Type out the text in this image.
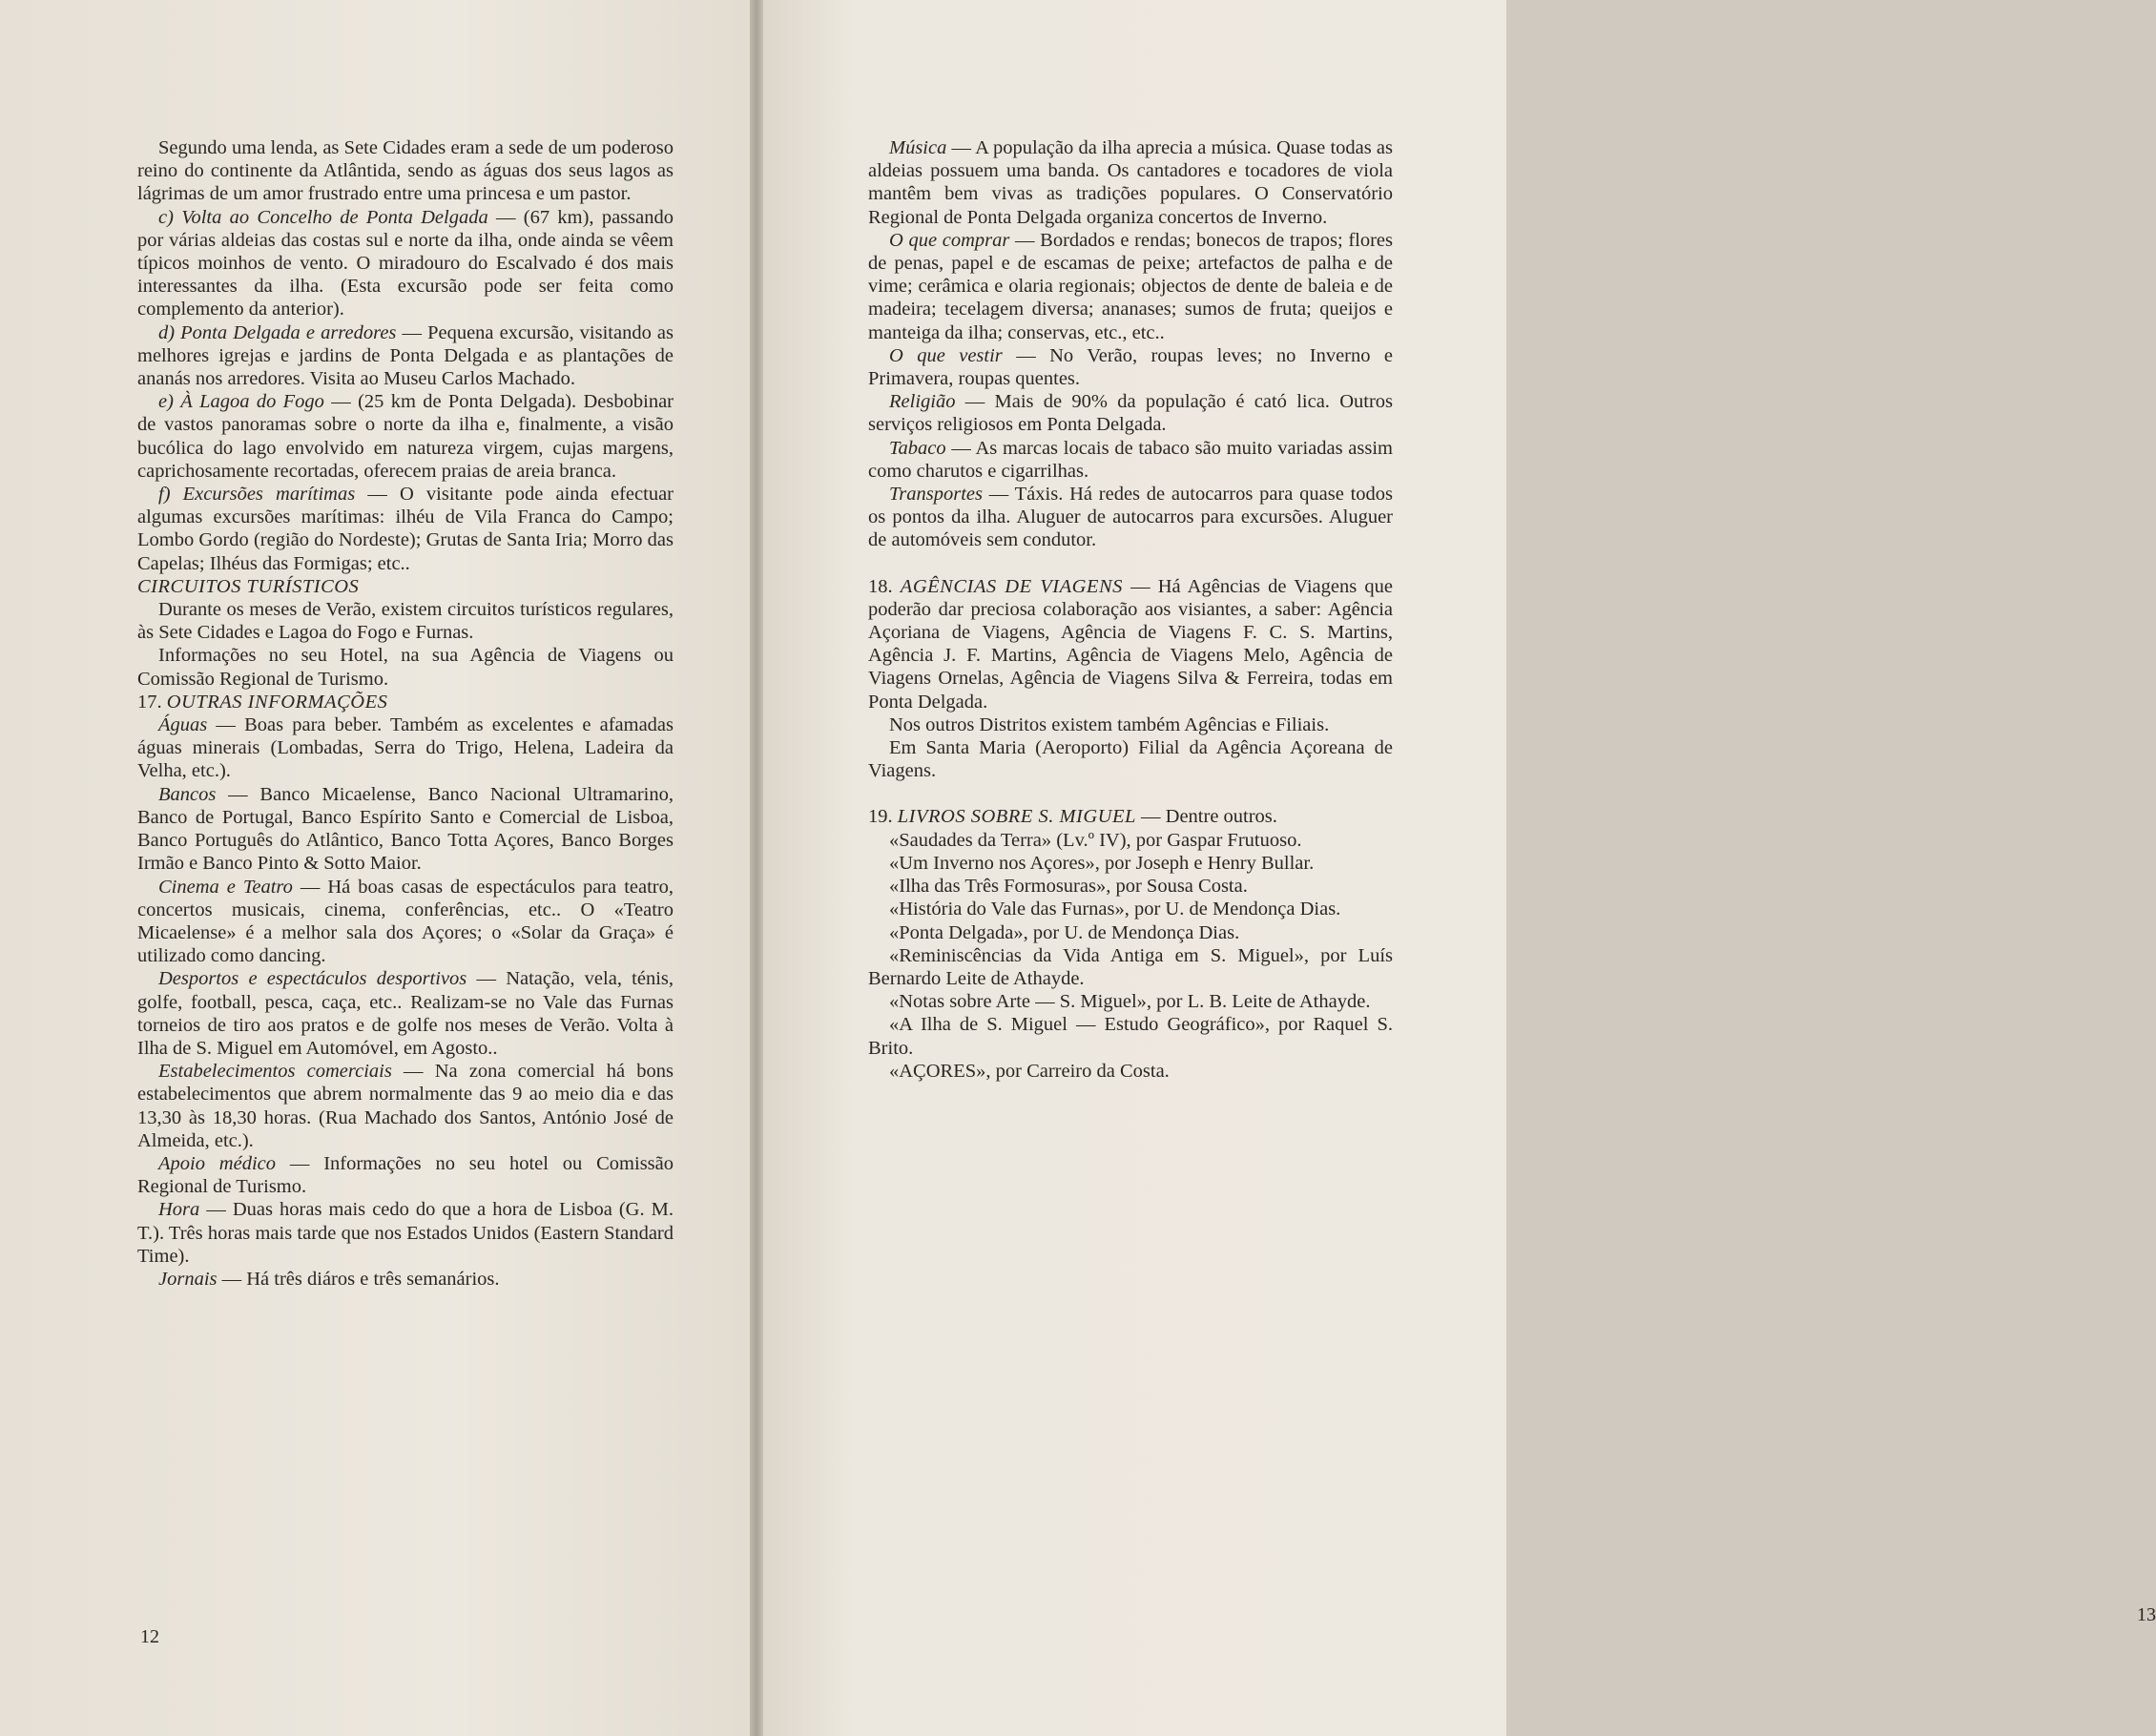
Segundo uma lenda, as Sete Cidades eram a sede de um poderoso reino do continente da Atlântida, sendo as águas dos seus lagos as lágrimas de um amor frustrado entre uma princesa e um pastor.

c) Volta ao Concelho de Ponta Delgada — (67 km), passando por várias aldeias das costas sul e norte da ilha, onde ainda se vêem típicos moinhos de vento. O miradouro do Escalvado é dos mais interessantes da ilha. (Esta excursão pode ser feita como complemento da anterior).

d) Ponta Delgada e arredores — Pequena excursão, visitando as melhores igrejas e jardins de Ponta Delgada e as plantações de ananás nos arredores. Visita ao Museu Carlos Machado.

e) À Lagoa do Fogo — (25 km de Ponta Delgada). Desbobinar de vastos panoramas sobre o norte da ilha e, finalmente, a visão bucólica do lago envolvido em natureza virgem, cujas margens, caprichosamente recortadas, oferecem praias de areia branca.

f) Excursões marítimas — O visitante pode ainda efectuar algumas excursões marítimas: ilhéu de Vila Franca do Campo; Lombo Gordo (região do Nordeste); Grutas de Santa Iria; Morro das Capelas; Ilhéus das Formigas; etc..

CIRCUITOS TURÍSTICOS

Durante os meses de Verão, existem circuitos turísticos regulares, às Sete Cidades e Lagoa do Fogo e Furnas.

Informações no seu Hotel, na sua Agência de Viagens ou Comissão Regional de Turismo.

17. OUTRAS INFORMAÇÕES

Águas — Boas para beber. Também as excelentes e afamadas águas minerais (Lombadas, Serra do Trigo, Helena, Ladeira da Velha, etc.).

Bancos — Banco Micaelense, Banco Nacional Ultramarino, Banco de Portugal, Banco Espírito Santo e Comercial de Lisboa, Banco Português do Atlântico, Banco Totta Açores, Banco Borges Irmão e Banco Pinto & Sotto Maior.

Cinema e Teatro — Há boas casas de espectáculos para teatro, concertos musicais, cinema, conferências, etc.. O «Teatro Micaelense» é a melhor sala dos Açores; o «Solar da Graça» é utilizado como dancing.

Desportos e espectáculos desportivos — Natação, vela, ténis, golfe, football, pesca, caça, etc.. Realizam-se no Vale das Furnas torneios de tiro aos pratos e de golfe nos meses de Verão. Volta à Ilha de S. Miguel em Automóvel, em Agosto..

Estabelecimentos comerciais — Na zona comercial há bons estabelecimentos que abrem normalmente das 9 ao meio dia e das 13,30 às 18,30 horas. (Rua Machado dos Santos, António José de Almeida, etc.).

Apoio médico — Informações no seu hotel ou Comissão Regional de Turismo.

Hora — Duas horas mais cedo do que a hora de Lisboa (G. M. T.). Três horas mais tarde que nos Estados Unidos (Eastern Standard Time).

Jornais — Há três diáros e três semanários.

12
13

Música — A população da ilha aprecia a música. Quase todas as aldeias possuem uma banda. Os cantadores e tocadores de viola mantêm bem vivas as tradições populares. O Conservatório Regional de Ponta Delgada organiza concertos de Inverno.

O que comprar — Bordados e rendas; bonecos de trapos; flores de penas, papel e de escamas de peixe; artefactos de palha e de vime; cerâmica e olaria regionais; objectos de dente de baleia e de madeira; tecelagem diversa; ananases; sumos de fruta; queijos e manteiga da ilha; conservas, etc., etc..

O que vestir — No Verão, roupas leves; no Inverno e Primavera, roupas quentes.

Religião — Mais de 90% da população é cató lica. Outros serviços religiosos em Ponta Delgada.

Tabaco — As marcas locais de tabaco são muito variadas assim como charutos e cigarrilhas.

Transportes — Táxis. Há redes de autocarros para quase todos os pontos da ilha. Aluguer de autocarros para excursões. Aluguer de automóveis sem condutor.

18. AGÊNCIAS DE VIAGENS — Há Agências de Viagens que poderão dar preciosa colaboração aos visiantes, a saber: Agência Açoriana de Viagens, Agência de Viagens F. C. S. Martins, Agência J. F. Martins, Agência de Viagens Melo, Agência de Viagens Ornelas, Agência de Viagens Silva & Ferreira, todas em Ponta Delgada.

Nos outros Distritos existem também Agências e Filiais.

Em Santa Maria (Aeroporto) Filial da Agência Açoreana de Viagens.

19. LIVROS SOBRE S. MIGUEL — Dentre outros.

«Saudades da Terra» (Lv.º IV), por Gaspar Frutuoso.

«Um Inverno nos Açores», por Joseph e Henry Bullar.

«Ilha das Três Formosuras», por Sousa Costa.

«História do Vale das Furnas», por U. de Mendonça Dias.

«Ponta Delgada», por U. de Mendonça Dias.

«Reminiscências da Vida Antiga em S. Miguel», por Luís Bernardo Leite de Athayde.

«Notas sobre Arte — S. Miguel», por L. B. Leite de Athayde.

«A Ilha de S. Miguel — Estudo Geográfico», por Raquel S. Brito.

«AÇORES», por Carreiro da Costa.
